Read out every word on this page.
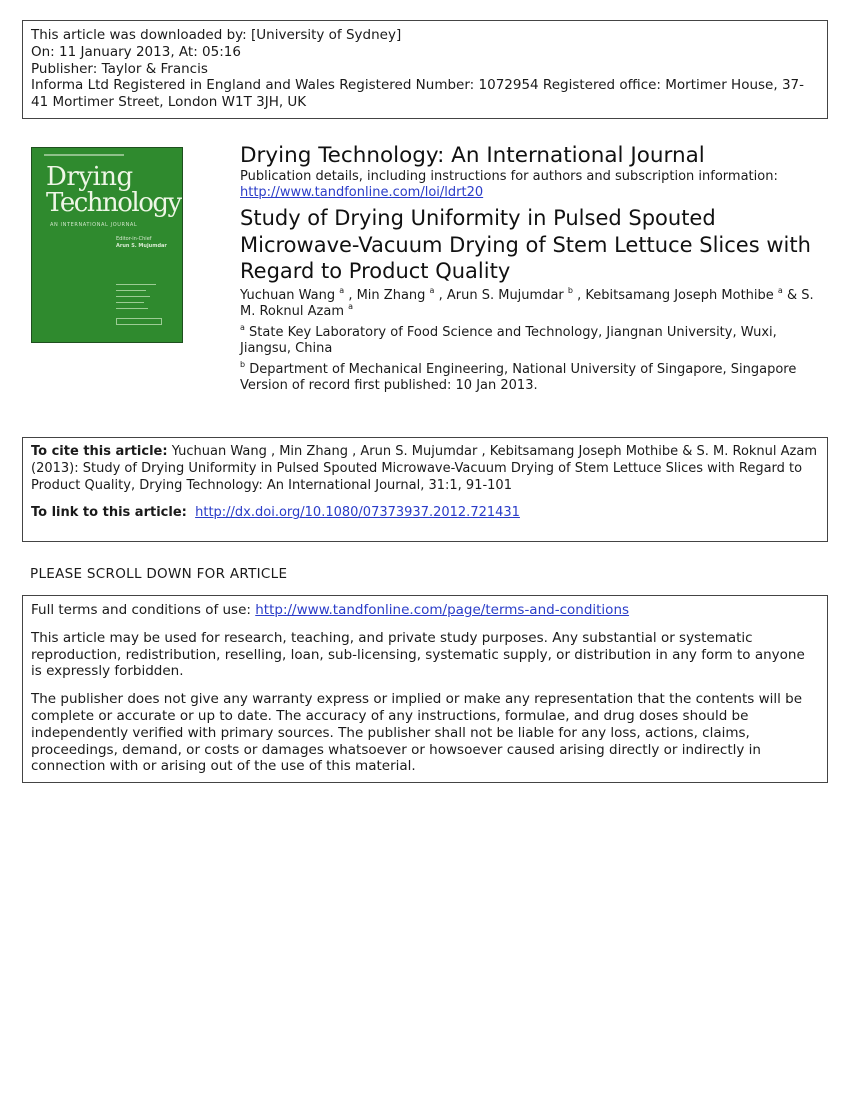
This article was downloaded by: [University of Sydney]

On: 11 January 2013, At: 05:16

Publisher: Taylor & Francis

Informa Ltd Registered in England and Wales Registered Number: 1072954 Registered office: Mortimer House, 37-41 Mortimer Street, London W1T 3JH, UK

Drying
Technology
AN INTERNATIONAL JOURNAL
Editor-in-Chief
Arun S. Mujumdar
Drying Technology: An International Journal

Publication details, including instructions for authors and subscription information:
http://www.tandfonline.com/loi/ldrt20

Study of Drying Uniformity in Pulsed Spouted Microwave-Vacuum Drying of Stem Lettuce Slices with Regard to Product Quality

Yuchuan Wang $^a$ , Min Zhang $^a$ , Arun S. Mujumdar $^b$ , Kebitsamang Joseph Mothibe $^a$ & S. M. Roknul Azam $^a$

$^a$ State Key Laboratory of Food Science and Technology, Jiangnan University, Wuxi, Jiangsu, China

$^b$ Department of Mechanical Engineering, National University of Singapore, Singapore

Version of record first published: 10 Jan 2013.

To cite this article: Yuchuan Wang , Min Zhang , Arun S. Mujumdar , Kebitsamang Joseph Mothibe & S. M. Roknul Azam (2013): Study of Drying Uniformity in Pulsed Spouted Microwave-Vacuum Drying of Stem Lettuce Slices with Regard to Product Quality, Drying Technology: An International Journal, 31:1, 91-101

To link to this article: http://dx.doi.org/10.1080/07373937.2012.721431

PLEASE SCROLL DOWN FOR ARTICLE

Full terms and conditions of use: http://www.tandfonline.com/page/terms-and-conditions

This article may be used for research, teaching, and private study purposes. Any substantial or systematic reproduction, redistribution, reselling, loan, sub-licensing, systematic supply, or distribution in any form to anyone is expressly forbidden.

The publisher does not give any warranty express or implied or make any representation that the contents will be complete or accurate or up to date. The accuracy of any instructions, formulae, and drug doses should be independently verified with primary sources. The publisher shall not be liable for any loss, actions, claims, proceedings, demand, or costs or damages whatsoever or howsoever caused arising directly or indirectly in connection with or arising out of the use of this material.
